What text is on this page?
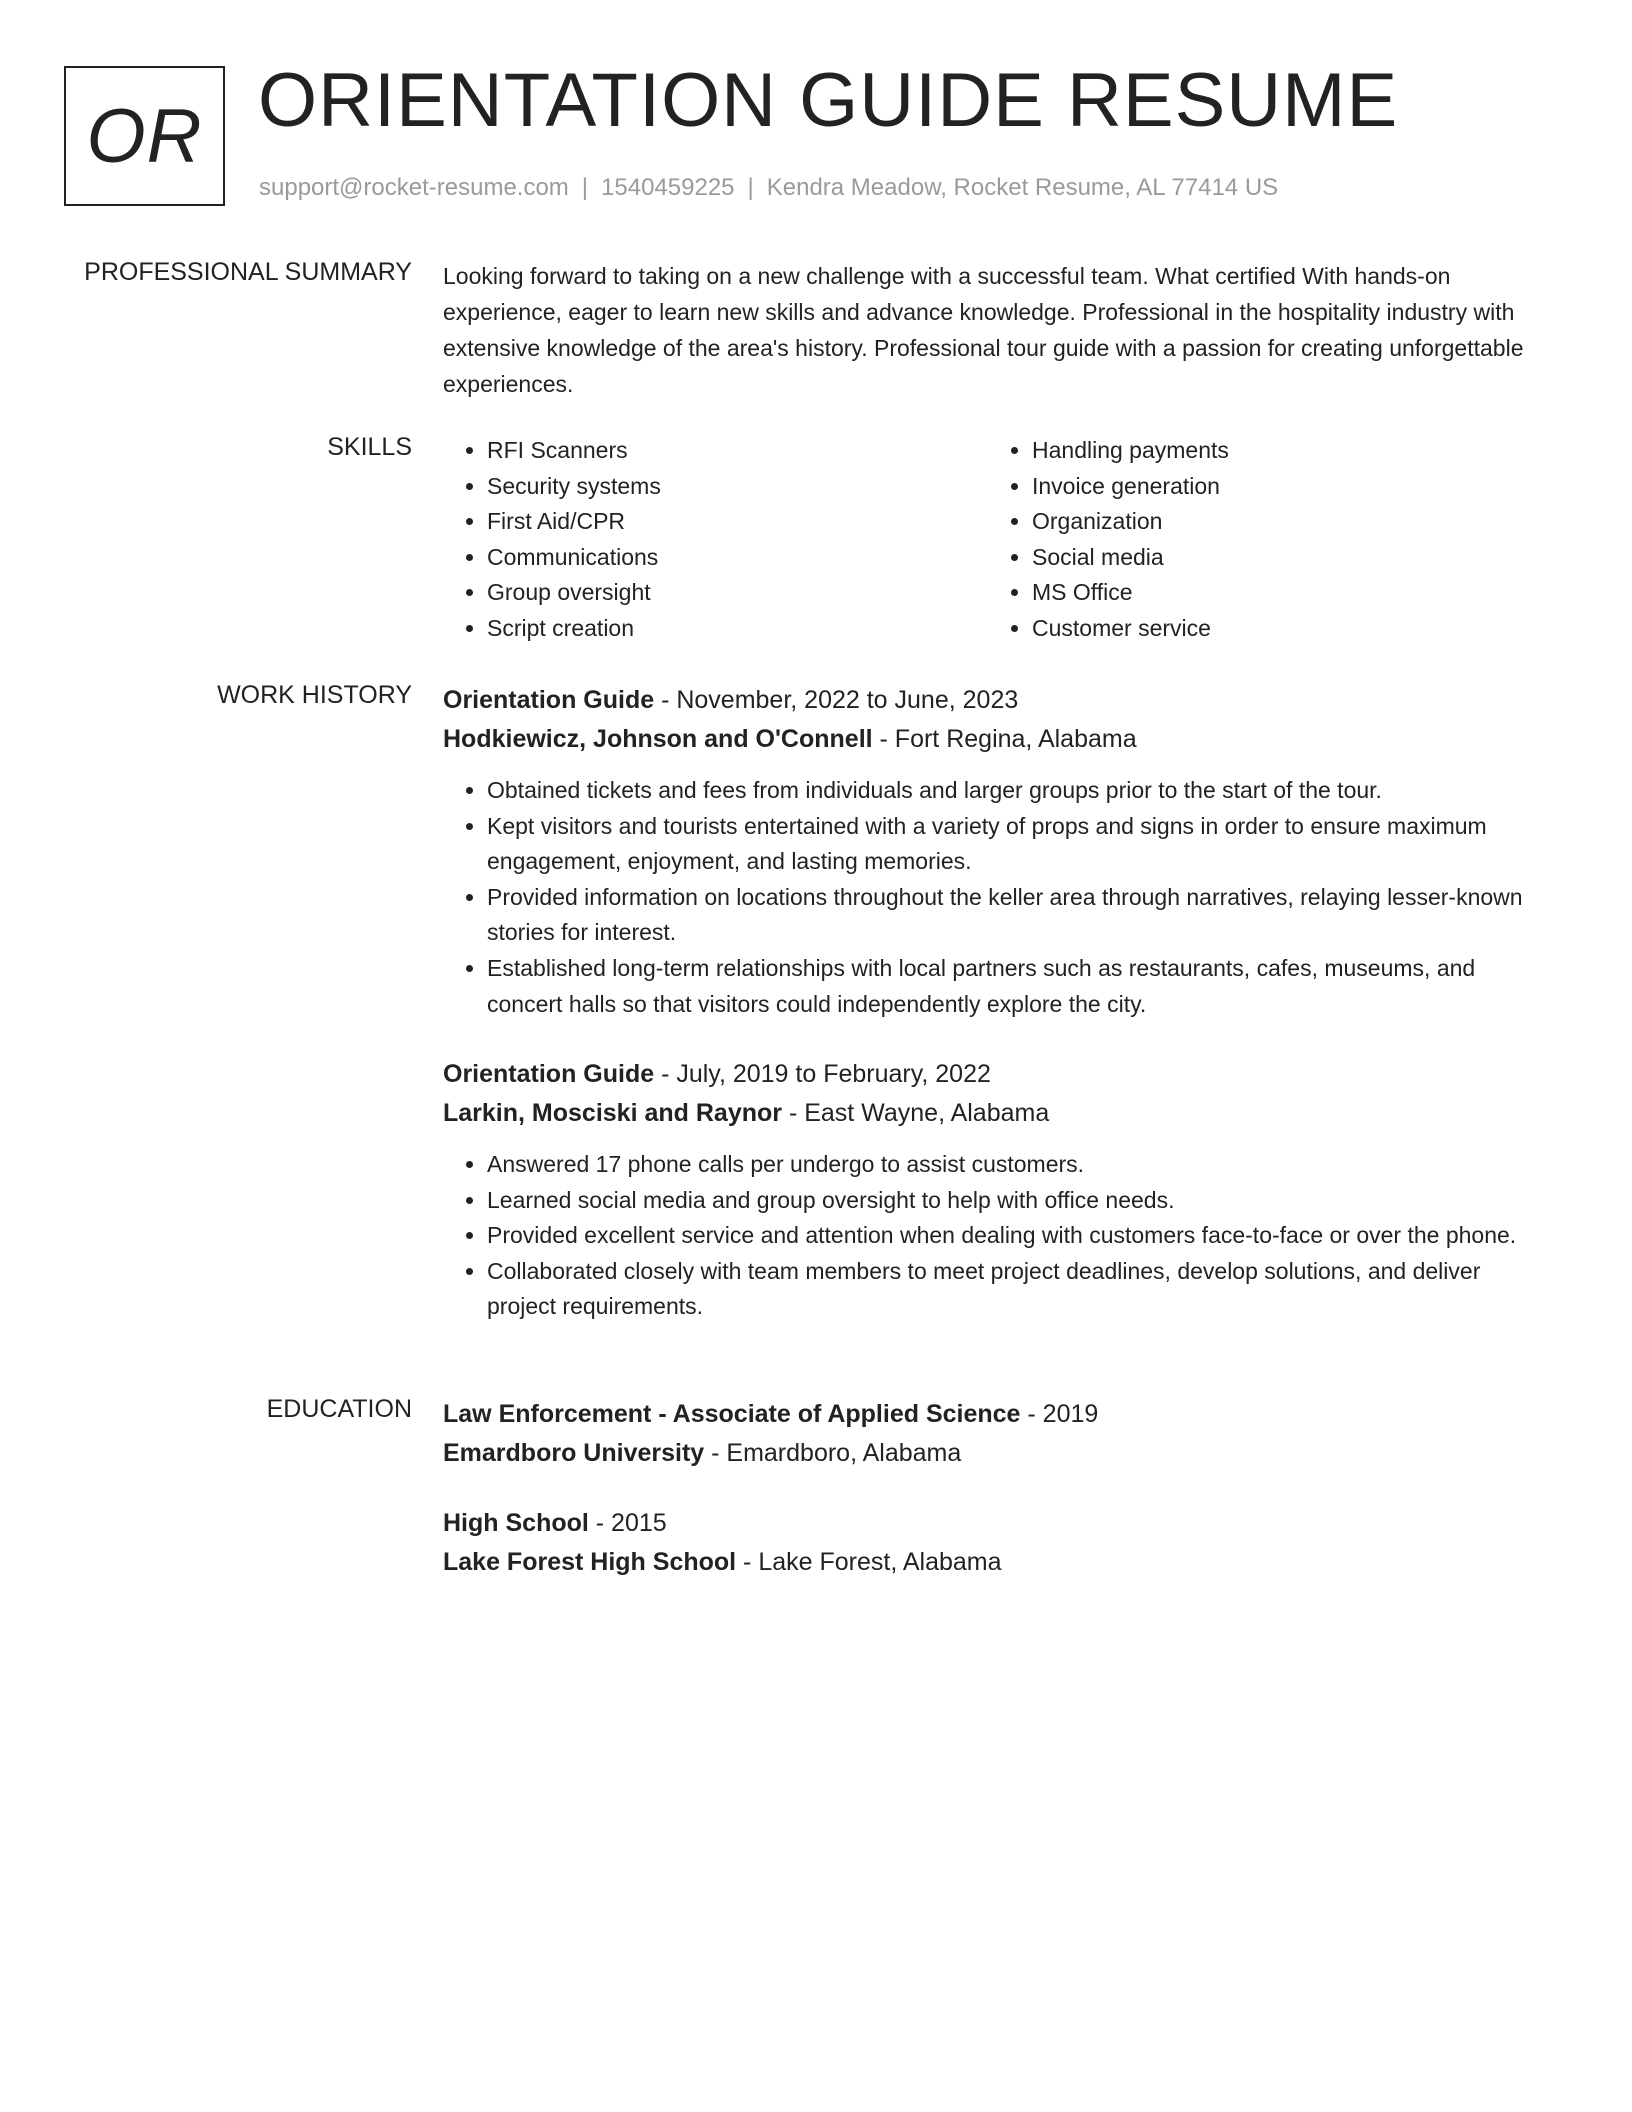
OR ORIENTATION GUIDE RESUME
support@rocket-resume.com | 1540459225 | Kendra Meadow, Rocket Resume, AL 77414 US
PROFESSIONAL SUMMARY Looking forward to taking on a new challenge with a successful team. What certified With hands-on experience, eager to learn new skills and advance knowledge. Professional in the hospitality industry with extensive knowledge of the area's history. Professional tour guide with a passion for creating unforgettable experiences.

SKILLS
•	RFI Scanners
• Security systems
• First Aid/CPR
• Communications
• Group oversight
• Script creation
• Handling payments
• Invoice generation
• Organization
• Social media
• MS Office
• Customer service
WORK HISTORY Orientation Guide - November, 2022 to June, 2023
Hodkiewicz, Johnson and O'Connell - Fort Regina, Alabama
• Obtained tickets and fees from individuals and larger groups prior to the start of the tour.
• Kept visitors and tourists entertained with a variety of props and signs in order to ensure maximum engagement, enjoyment, and lasting memories.
• Provided information on locations throughout the keller area through narratives, relaying lesser-known stories for interest.
• Established long-term relationships with local partners such as restaurants, cafes, museums, and concert halls so that visitors could independently explore the city.
Orientation Guide - July, 2019 to February, 2022
Larkin, Mosciski and Raynor - East Wayne, Alabama
• Answered 17 phone calls per undergo to assist customers.
• Learned social media and group oversight to help with office needs.
• Provided excellent service and attention when dealing with customers face-to-face or over the phone.
• Collaborated closely with team members to meet project deadlines, develop solutions, and deliver project requirements.
EDUCATION Law Enforcement - Associate of Applied Science - 2019
Emardboro University - Emardboro, Alabama
High School - 2015
Lake Forest High School - Lake Forest, Alabama
